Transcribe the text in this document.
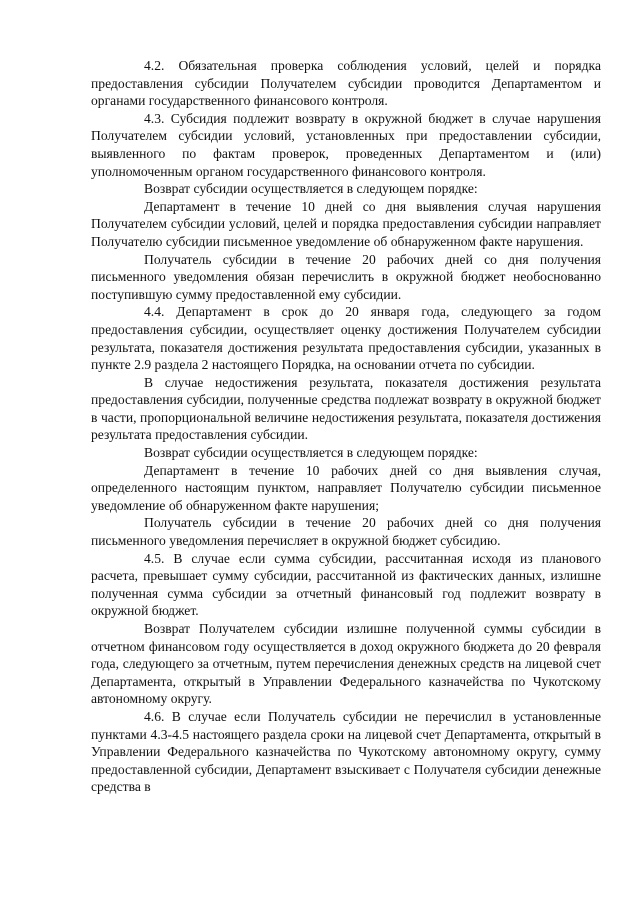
4.2. Обязательная проверка соблюдения условий, целей и порядка предоставления субсидии Получателем субсидии проводится Департаментом и органами государственного финансового контроля.

4.3. Субсидия подлежит возврату в окружной бюджет в случае нарушения Получателем субсидии условий, установленных при предоставлении субсидии, выявленного по фактам проверок, проведенных Департаментом и (или) уполномоченным органом государственного финансового контроля.

Возврат субсидии осуществляется в следующем порядке:

Департамент в течение 10 дней со дня выявления случая нарушения Получателем субсидии условий, целей и порядка предоставления субсидии направляет Получателю субсидии письменное уведомление об обнаруженном факте нарушения.

Получатель субсидии в течение 20 рабочих дней со дня получения письменного уведомления обязан перечислить в окружной бюджет необоснованно поступившую сумму предоставленной ему субсидии.

4.4. Департамент в срок до 20 января года, следующего за годом предоставления субсидии, осуществляет оценку достижения Получателем субсидии результата, показателя достижения результата предоставления субсидии, указанных в пункте 2.9 раздела 2 настоящего Порядка, на основании отчета по субсидии.

В случае недостижения результата, показателя достижения результата предоставления субсидии, полученные средства подлежат возврату в окружной бюджет в части, пропорциональной величине недостижения результата, показателя достижения результата предоставления субсидии.

Возврат субсидии осуществляется в следующем порядке:

Департамент в течение 10 рабочих дней со дня выявления случая, определенного настоящим пунктом, направляет Получателю субсидии письменное уведомление об обнаруженном факте нарушения;

Получатель субсидии в течение 20 рабочих дней со дня получения письменного уведомления перечисляет в окружной бюджет субсидию.

4.5. В случае если сумма субсидии, рассчитанная исходя из планового расчета, превышает сумму субсидии, рассчитанной из фактических данных, излишне полученная сумма субсидии за отчетный финансовый год подлежит возврату в окружной бюджет.

Возврат Получателем субсидии излишне полученной суммы субсидии в отчетном финансовом году осуществляется в доход окружного бюджета до 20 февраля года, следующего за отчетным, путем перечисления денежных средств на лицевой счет Департамента, открытый в Управлении Федерального казначейства по Чукотскому автономному округу.

4.6. В случае если Получатель субсидии не перечислил в установленные пунктами 4.3-4.5 настоящего раздела сроки на лицевой счет Департамента, открытый в Управлении Федерального казначейства по Чукотскому автономному округу, сумму предоставленной субсидии, Департамент взыскивает с Получателя субсидии денежные средства в
